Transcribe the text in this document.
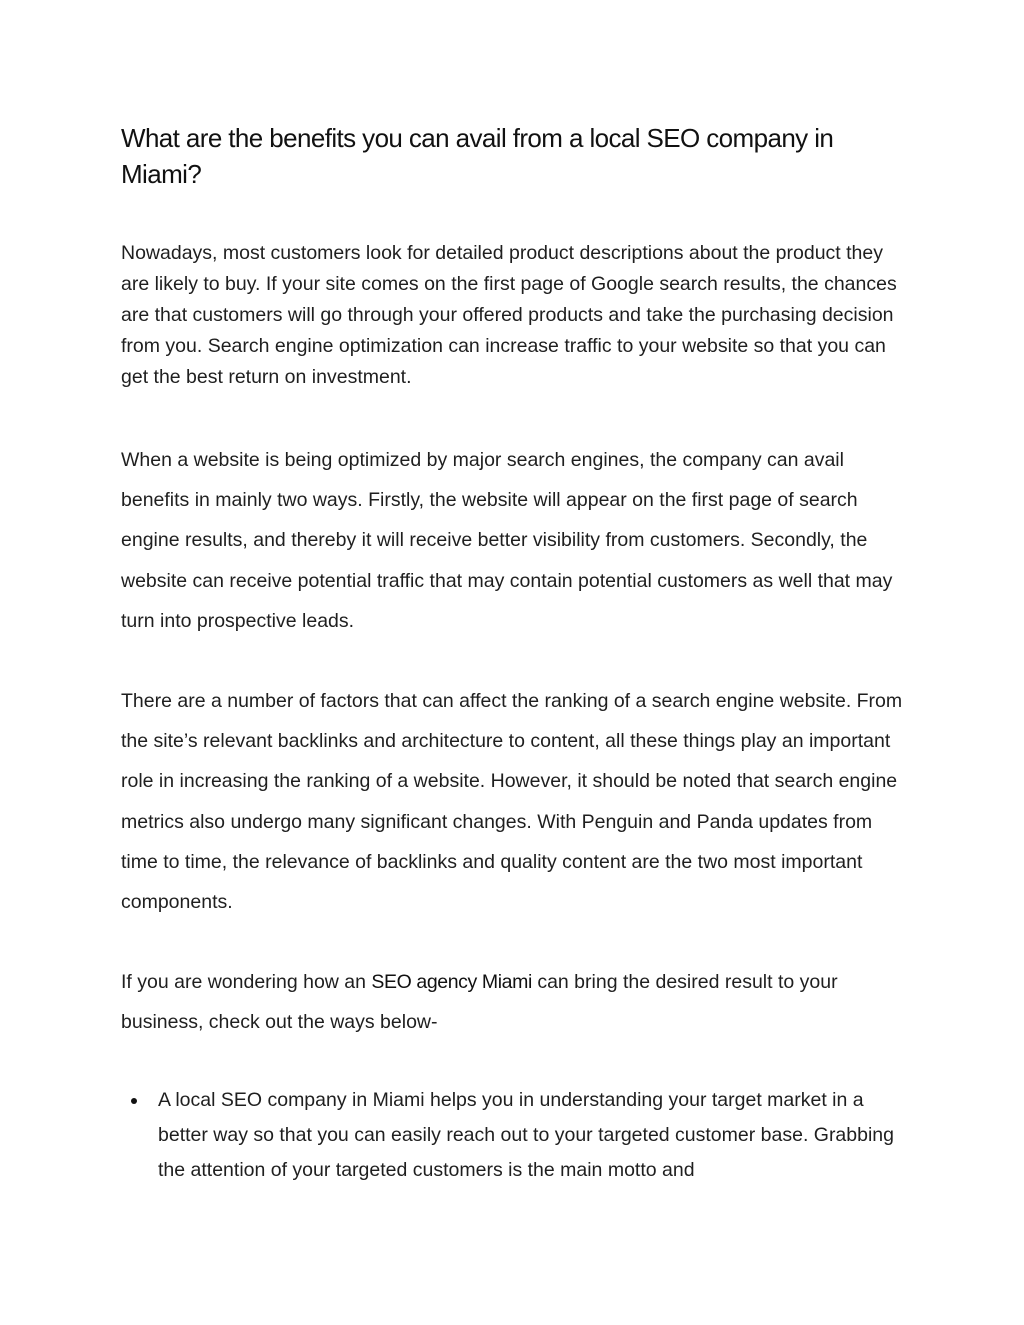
What are the benefits you can avail from a local SEO company in Miami?

Nowadays, most customers look for detailed product descriptions about the product they are likely to buy. If your site comes on the first page of Google search results, the chances are that customers will go through your offered products and take the purchasing decision from you. Search engine optimization can increase traffic to your website so that you can get the best return on investment.

When a website is being optimized by major search engines, the company can avail benefits in mainly two ways. Firstly, the website will appear on the first page of search engine results, and thereby it will receive better visibility from customers. Secondly, the website can receive potential traffic that may contain potential customers as well that may turn into prospective leads.

There are a number of factors that can affect the ranking of a search engine website. From the site’s relevant backlinks and architecture to content, all these things play an important role in increasing the ranking of a website. However, it should be noted that search engine metrics also undergo many significant changes. With Penguin and Panda updates from time to time, the relevance of backlinks and quality content are the two most important components.

If you are wondering how an SEO agency Miami can bring the desired result to your business, check out the ways below-

A local SEO company in Miami helps you in understanding your target market in a better way so that you can easily reach out to your targeted customer base. Grabbing the attention of your targeted customers is the main motto and
